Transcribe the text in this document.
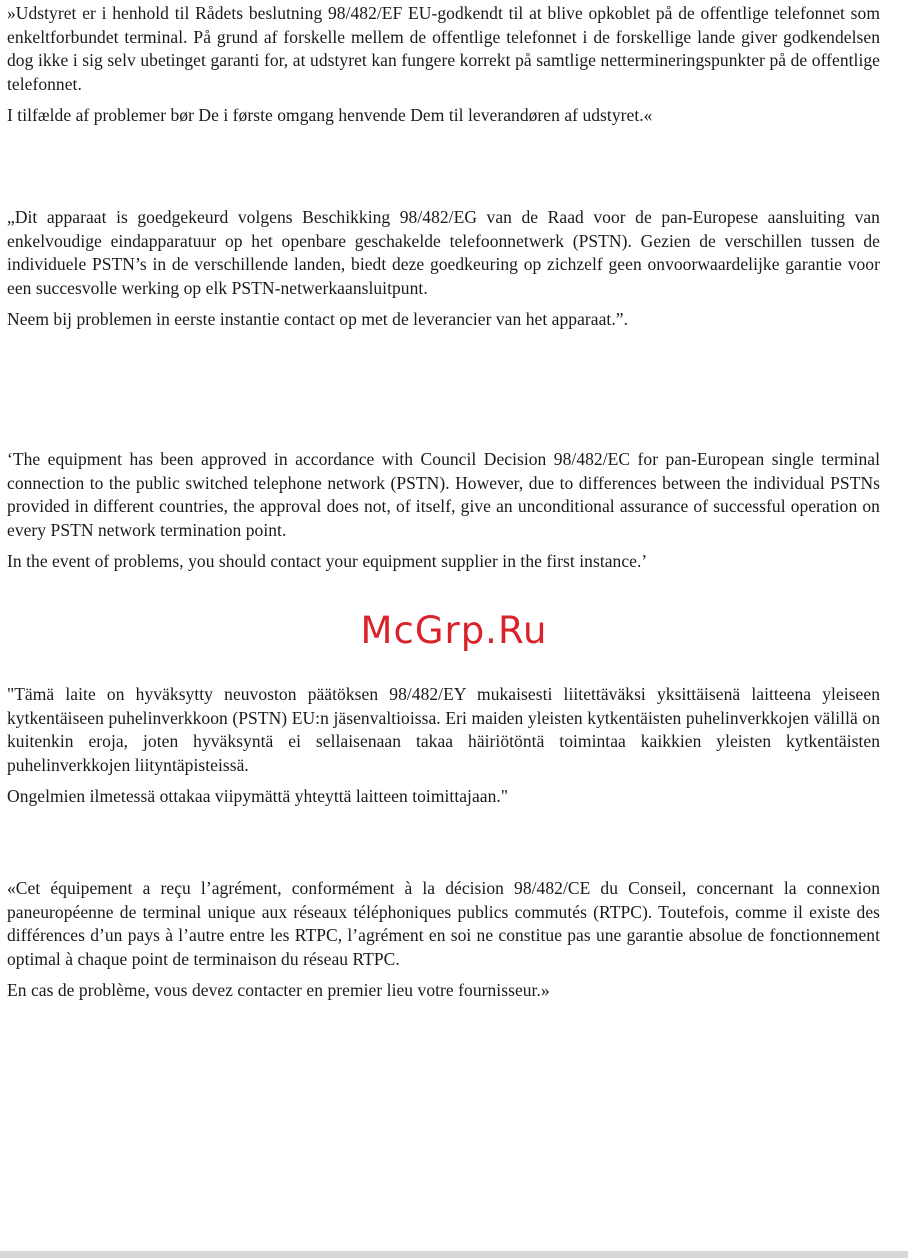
»Udstyret er i henhold til Rådets beslutning 98/482/EF EU-godkendt til at blive opkoblet på de offentlige telefonnet som enkeltforbundet terminal. På grund af forskelle mellem de offentlige telefonnet i de forskellige lande giver godkendelsen dog ikke i sig selv ubetinget garanti for, at udstyret kan fungere korrekt på samtlige nettermineringspunkter på de offentlige telefonnet.

I tilfælde af problemer bør De i første omgang henvende Dem til leverandøren af udstyret.«

„Dit apparaat is goedgekeurd volgens Beschikking 98/482/EG van de Raad voor de pan-Europese aansluiting van enkelvoudige eindapparatuur op het openbare geschakelde telefoonnetwerk (PSTN). Gezien de verschillen tussen de individuele PSTN’s in de verschillende landen, biedt deze goedkeuring op zichzelf geen onvoorwaardelijke garantie voor een succesvolle werking op elk PSTN-netwerkaansluitpunt.

Neem bij problemen in eerste instantie contact op met de leverancier van het apparaat.”.

‘The equipment has been approved in accordance with Council Decision 98/482/EC for pan-European single terminal connection to the public switched telephone network (PSTN). However, due to differences between the individual PSTNs provided in different countries, the approval does not, of itself, give an unconditional assurance of successful operation on every PSTN network termination point.

In the event of problems, you should contact your equipment supplier in the first instance.’

McGrp.Ru

"Tämä laite on hyväksytty neuvoston päätöksen 98/482/EY mukaisesti liitettäväksi yksittäisenä laitteena yleiseen kytkentäiseen puhelinverkkoon (PSTN) EU:n jäsenvaltioissa. Eri maiden yleisten kytkentäisten puhelinverkkojen välillä on kuitenkin eroja, joten hyväksyntä ei sellaisenaan takaa häiriötöntä toimintaa kaikkien yleisten kytkentäisten puhelinverkkojen liityntäpisteissä.

Ongelmien ilmetessä ottakaa viipymättä yhteyttä laitteen toimittajaan."

«Cet équipement a reçu l’agrément, conformément à la décision 98/482/CE du Conseil, concernant la connexion paneuropéenne de terminal unique aux réseaux téléphoniques publics commutés (RTPC). Toutefois, comme il existe des différences d’un pays à l’autre entre les RTPC, l’agrément en soi ne constitue pas une garantie absolue de fonctionnement optimal à chaque point de terminaison du réseau RTPC.

En cas de problème, vous devez contacter en premier lieu votre fournisseur.»
